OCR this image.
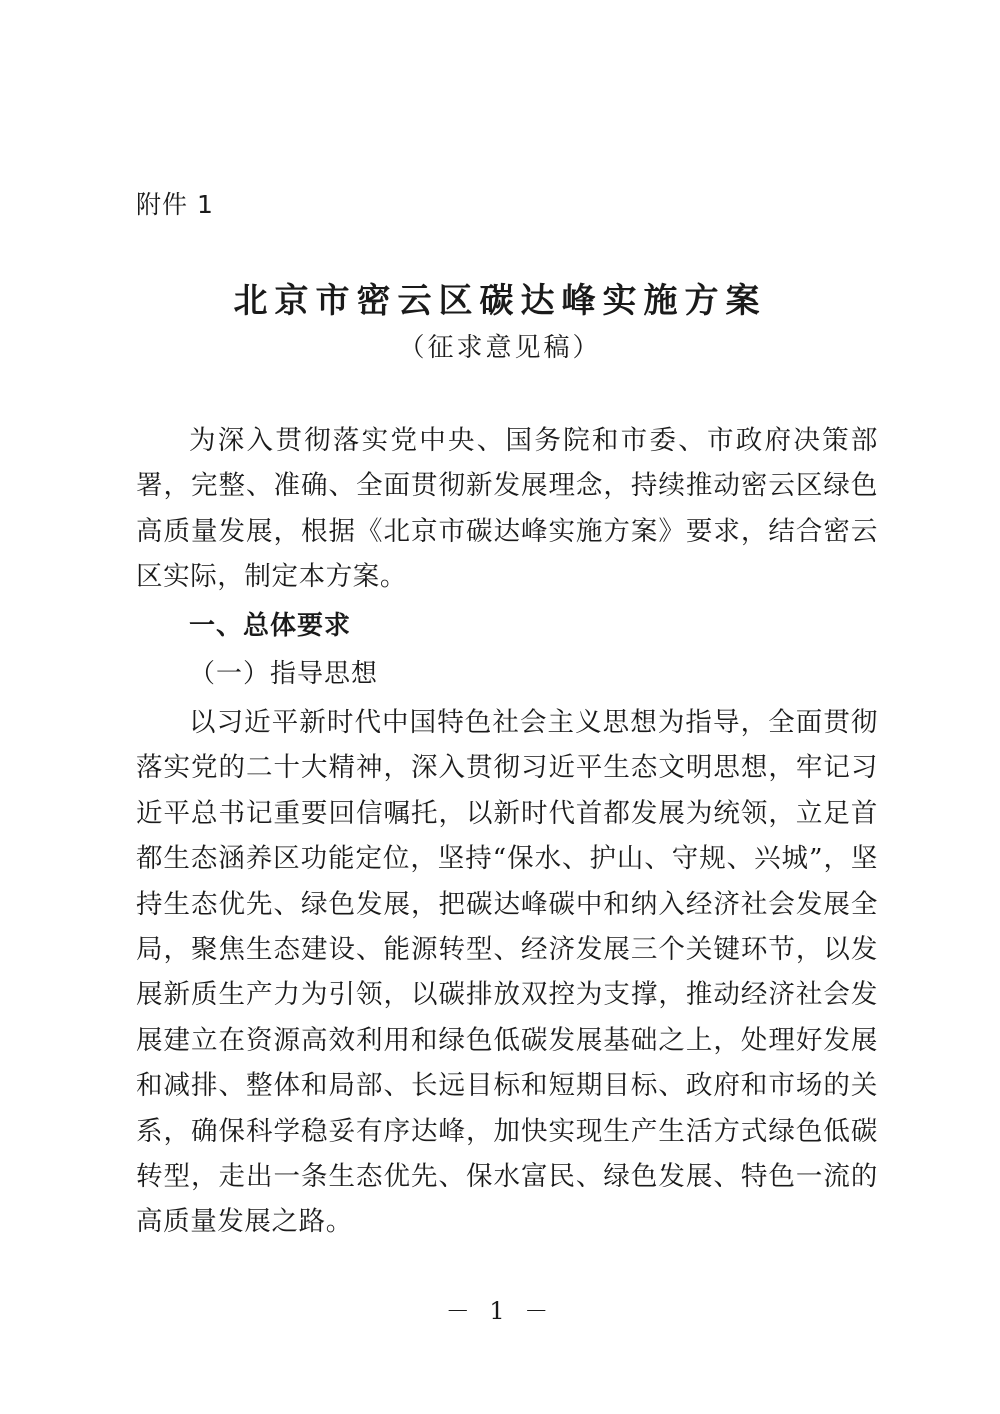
附件 1
北京市密云区碳达峰实施方案
（征求意见稿）

为深入贯彻落实党中央、国务院和市委、市政府决策部署，完整、准确、全面贯彻新发展理念，持续推动密云区绿色高质量发展，根据《北京市碳达峰实施方案》要求，结合密云区实际，制定本方案。

一、总体要求
（一）指导思想

以习近平新时代中国特色社会主义思想为指导，全面贯彻落实党的二十大精神，深入贯彻习近平生态文明思想，牢记习近平总书记重要回信嘱托，以新时代首都发展为统领，立足首都生态涵养区功能定位，坚持“保水、护山、守规、兴城”，坚持生态优先、绿色发展，把碳达峰碳中和纳入经济社会发展全局，聚焦生态建设、能源转型、经济发展三个关键环节，以发展新质生产力为引领，以碳排放双控为支撑，推动经济社会发展建立在资源高效利用和绿色低碳发展基础之上，处理好发展和减排、整体和局部、长远目标和短期目标、政府和市场的关系，确保科学稳妥有序达峰，加快实现生产生活方式绿色低碳转型，走出一条生态优先、保水富民、绿色发展、特色一流的高质量发展之路。

－ 1 －
